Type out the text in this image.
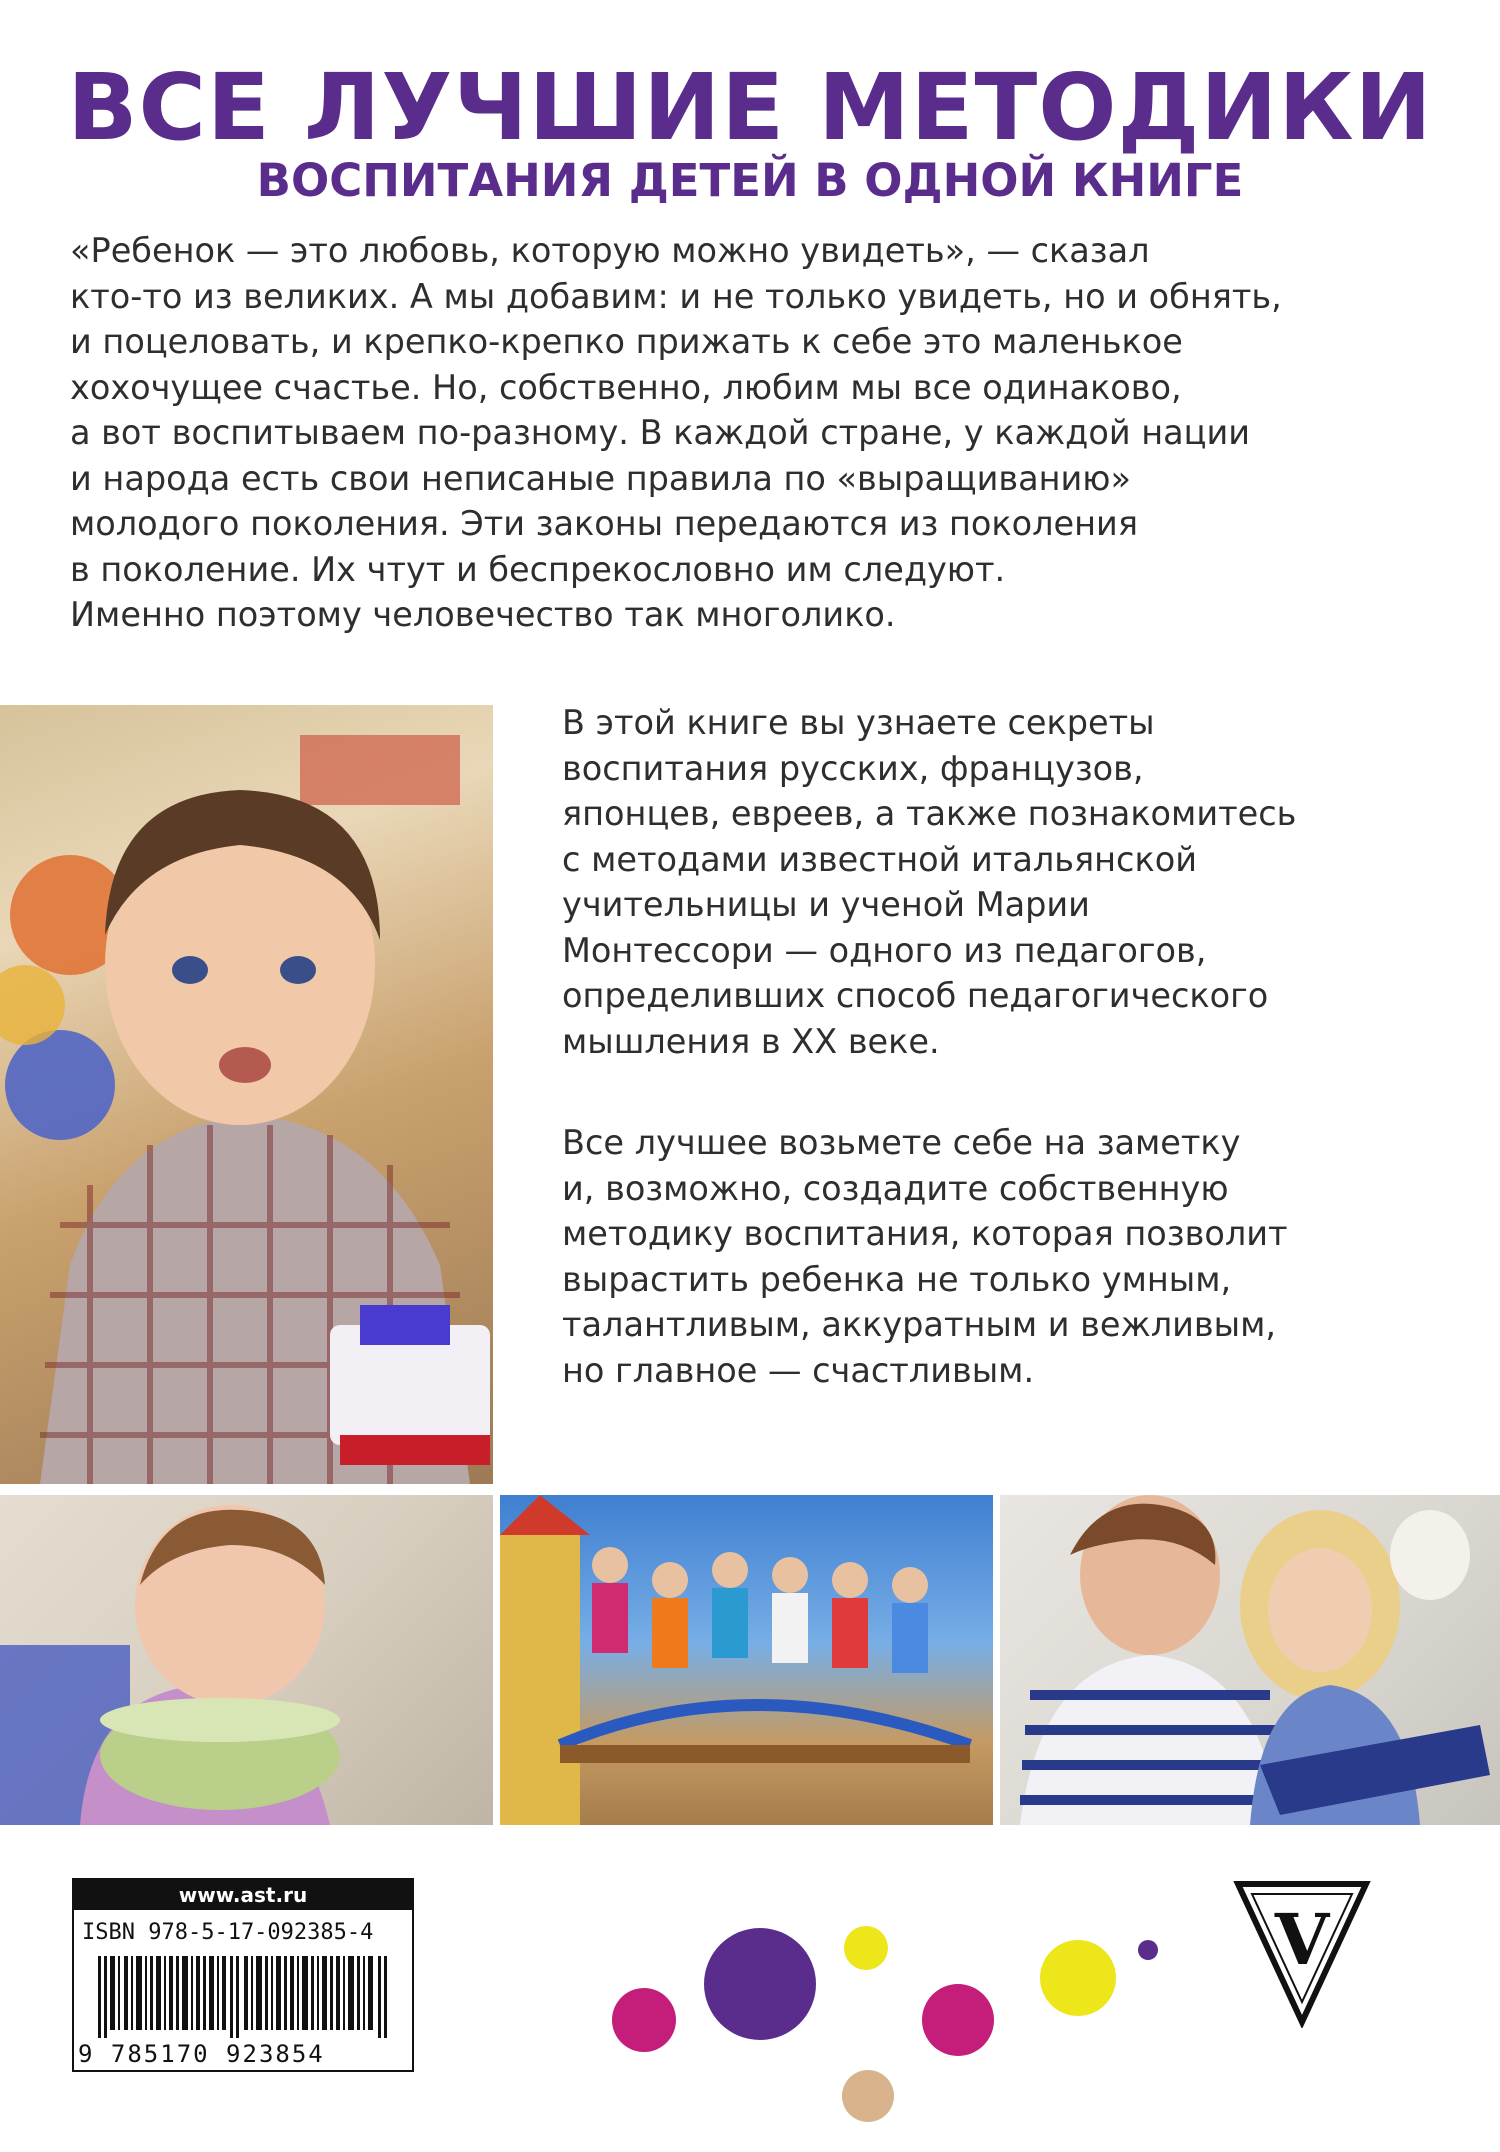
ВСЕ ЛУЧШИЕ МЕТОДИКИ
ВОСПИТАНИЯ ДЕТЕЙ В ОДНОЙ КНИГЕ
«Ребенок — это любовь, которую можно увидеть», — сказал
кто-то из великих. А мы добавим: и не только увидеть, но и обнять,
и поцеловать, и крепко-крепко прижать к себе это маленькое
хохочущее счастье. Но, собственно, любим мы все одинаково,
а вот воспитываем по-разному. В каждой стране, у каждой нации
и народа есть свои неписаные правила по «выращиванию»
молодого поколения. Эти законы передаются из поколения
в поколение. Их чтут и беспрекословно им следуют.
Именно поэтому человечество так многолико.
В этой книге вы узнаете секреты
воспитания русских, французов,
японцев, евреев, а также познакомитесь
с методами известной итальянской
учительницы и ученой Марии
Монтессори — одного из педагогов,
определивших способ педагогического
мышления в XX веке.
Все лучшее возьмете себе на заметку
и, возможно, создадите собственную
методику воспитания, которая позволит
вырастить ребенка не только умным,
талантливым, аккуратным и вежливым,
но главное — счастливым.
www.ast.ru
ISBN 978-5-17-092385-4
9 785170 923854
V
